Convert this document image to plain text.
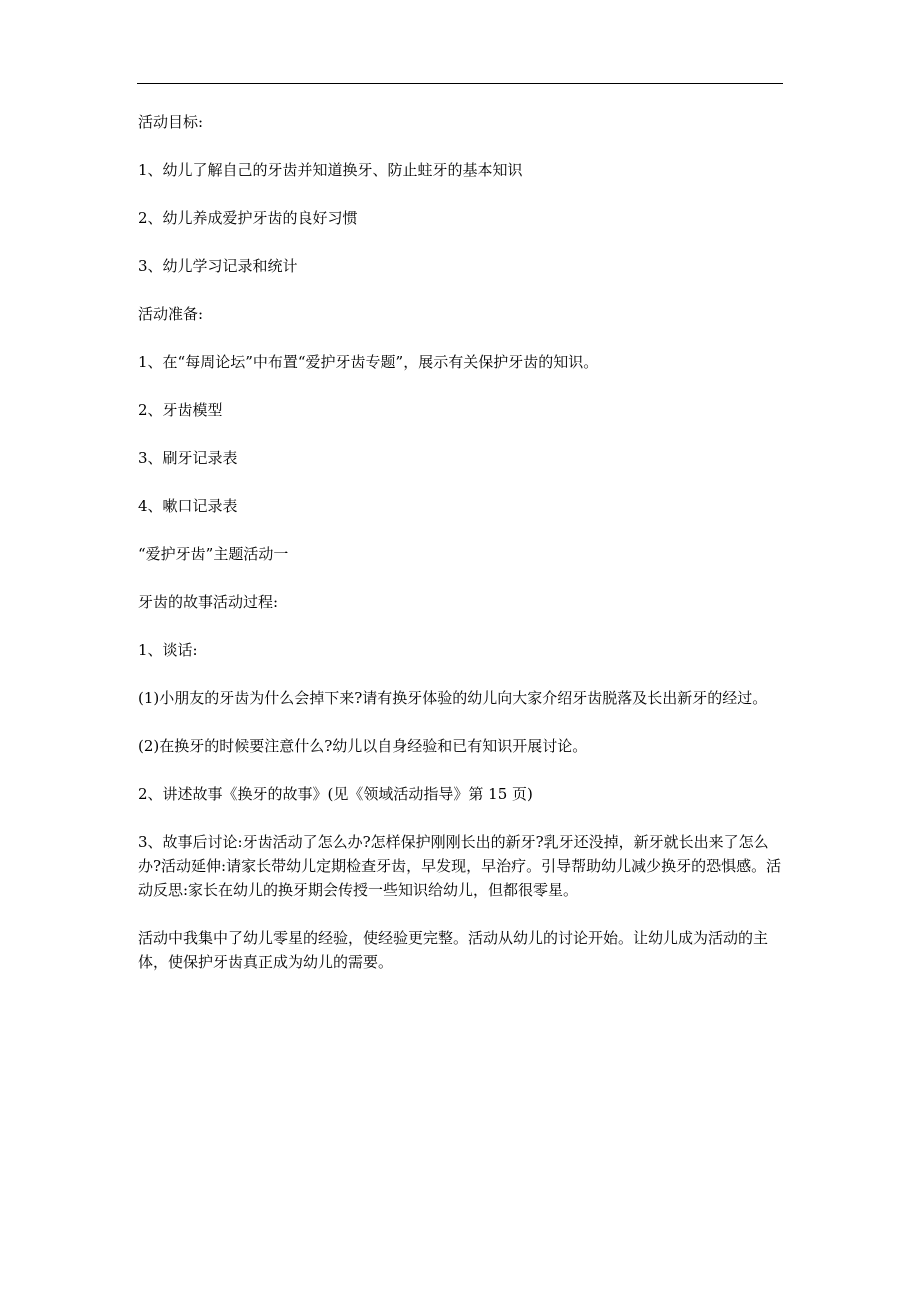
活动目标:

1、幼儿了解自己的牙齿并知道换牙、防止蛀牙的基本知识

2、幼儿养成爱护牙齿的良好习惯

3、幼儿学习记录和统计

活动准备:

1、在“每周论坛”中布置“爱护牙齿专题”，展示有关保护牙齿的知识。

2、牙齿模型

3、刷牙记录表

4、嗽口记录表

“爱护牙齿”主题活动一

牙齿的故事活动过程:

1、谈话:

(1)小朋友的牙齿为什么会掉下来?请有换牙体验的幼儿向大家介绍牙齿脱落及长出新牙的经过。

(2)在换牙的时候要注意什么?幼儿以自身经验和已有知识开展讨论。

2、讲述故事《换牙的故事》(见《领域活动指导》第 15 页)

3、故事后讨论:牙齿活动了怎么办?怎样保护刚刚长出的新牙?乳牙还没掉，新牙就长出来了怎么办?活动延伸:请家长带幼儿定期检查牙齿，早发现，早治疗。引导帮助幼儿减少换牙的恐惧感。活动反思:家长在幼儿的换牙期会传授一些知识给幼儿，但都很零星。

活动中我集中了幼儿零星的经验，使经验更完整。活动从幼儿的讨论开始。让幼儿成为活动的主体，使保护牙齿真正成为幼儿的需要。
